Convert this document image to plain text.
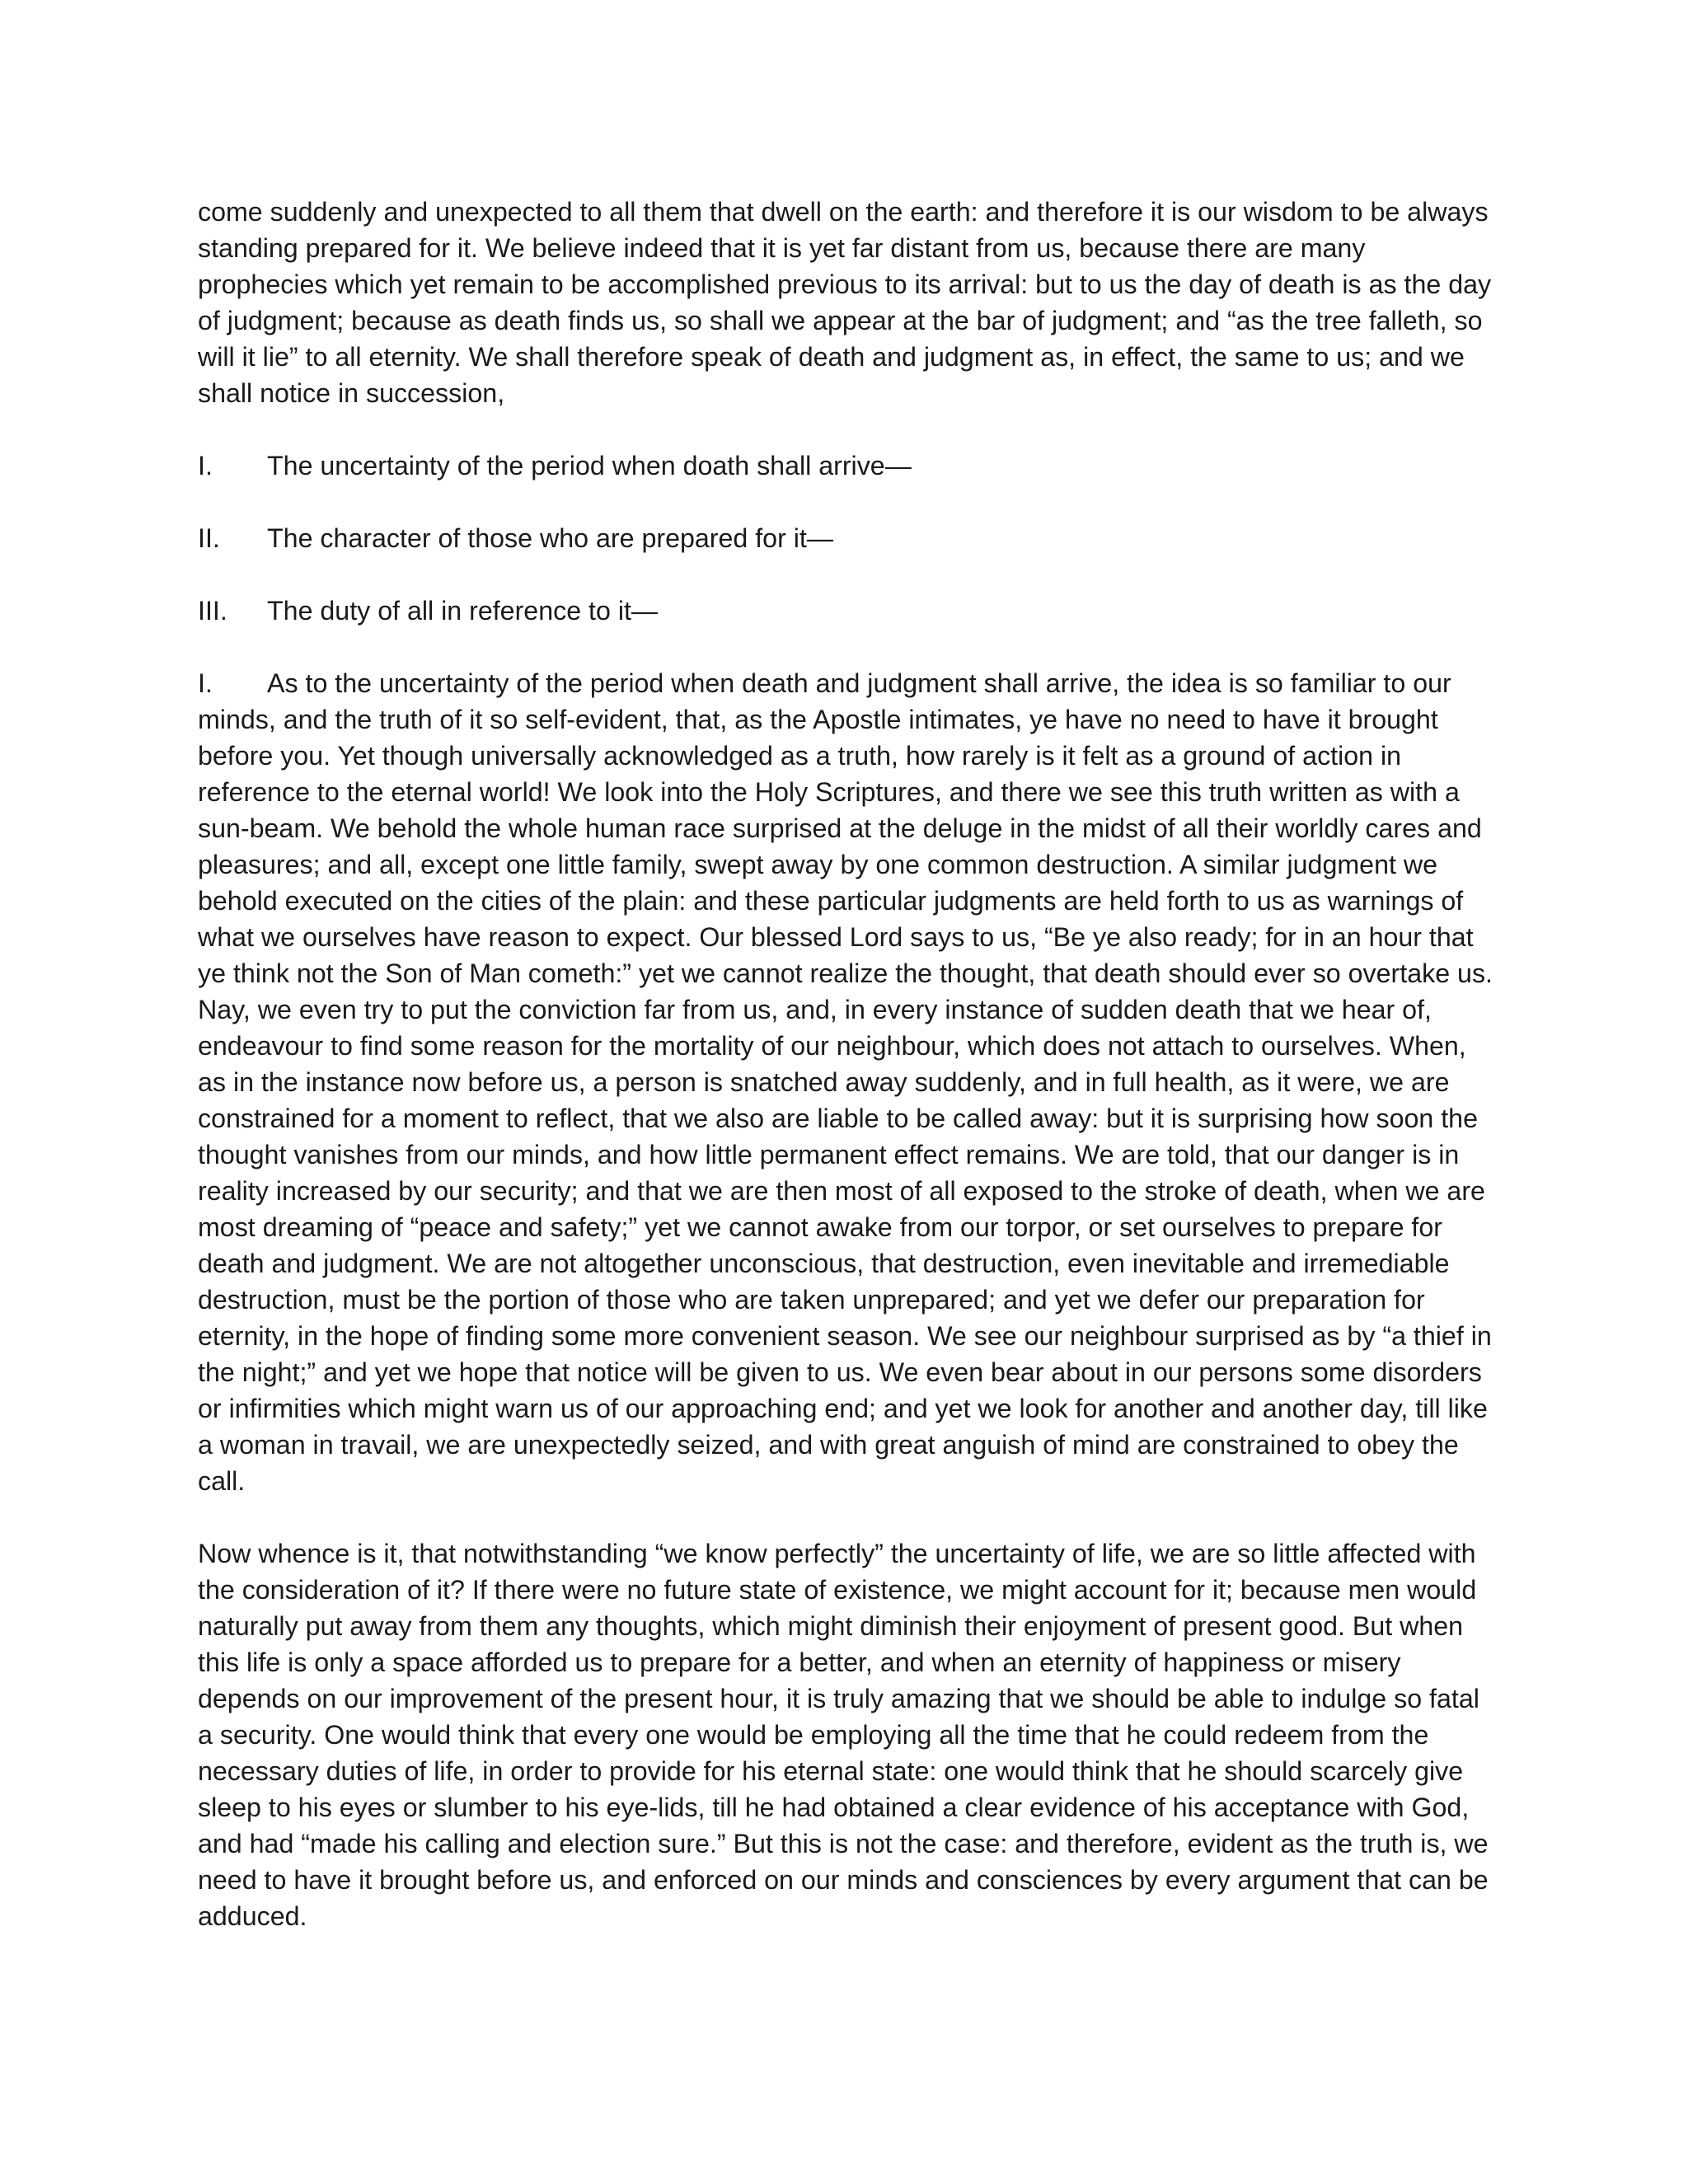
come suddenly and unexpected to all them that dwell on the earth: and therefore it is our wisdom to be always standing prepared for it. We believe indeed that it is yet far distant from us, because there are many prophecies which yet remain to be accomplished previous to its arrival: but to us the day of death is as the day of judgment; because as death finds us, so shall we appear at the bar of judgment; and “as the tree falleth, so will it lie” to all eternity. We shall therefore speak of death and judgment as, in effect, the same to us; and we shall notice in succession,

I.	The uncertainty of the period when doath shall arrive—

II.	The character of those who are prepared for it—

III.	The duty of all in reference to it—

I. As to the uncertainty of the period when death and judgment shall arrive, the idea is so familiar to our minds, and the truth of it so self-evident, that, as the Apostle intimates, ye have no need to have it brought before you. Yet though universally acknowledged as a truth, how rarely is it felt as a ground of action in reference to the eternal world! We look into the Holy Scriptures, and there we see this truth written as with a sun-beam. We behold the whole human race surprised at the deluge in the midst of all their worldly cares and pleasures; and all, except one little family, swept away by one common destruction. A similar judgment we behold executed on the cities of the plain: and these particular judgments are held forth to us as warnings of what we ourselves have reason to expect. Our blessed Lord says to us, “Be ye also ready; for in an hour that ye think not the Son of Man cometh:” yet we cannot realize the thought, that death should ever so overtake us. Nay, we even try to put the conviction far from us, and, in every instance of sudden death that we hear of, endeavour to find some reason for the mortality of our neighbour, which does not attach to ourselves. When, as in the instance now before us, a person is snatched away suddenly, and in full health, as it were, we are constrained for a moment to reflect, that we also are liable to be called away: but it is surprising how soon the thought vanishes from our minds, and how little permanent effect remains. We are told, that our danger is in reality increased by our security; and that we are then most of all exposed to the stroke of death, when we are most dreaming of “peace and safety;” yet we cannot awake from our torpor, or set ourselves to prepare for death and judgment. We are not altogether unconscious, that destruction, even inevitable and irremediable destruction, must be the portion of those who are taken unprepared; and yet we defer our preparation for eternity, in the hope of finding some more convenient season. We see our neighbour surprised as by “a thief in the night;” and yet we hope that notice will be given to us. We even bear about in our persons some disorders or infirmities which might warn us of our approaching end; and yet we look for another and another day, till like a woman in travail, we are unexpectedly seized, and with great anguish of mind are constrained to obey the call.

Now whence is it, that notwithstanding “we know perfectly” the uncertainty of life, we are so little affected with the consideration of it? If there were no future state of existence, we might account for it; because men would naturally put away from them any thoughts, which might diminish their enjoyment of present good. But when this life is only a space afforded us to prepare for a better, and when an eternity of happiness or misery depends on our improvement of the present hour, it is truly amazing that we should be able to indulge so fatal a security. One would think that every one would be employing all the time that he could redeem from the necessary duties of life, in order to provide for his eternal state: one would think that he should scarcely give sleep to his eyes or slumber to his eye-lids, till he had obtained a clear evidence of his acceptance with God, and had “made his calling and election sure.” But this is not the case: and therefore, evident as the truth is, we need to have it brought before us, and enforced on our minds and consciences by every argument that can be adduced.
